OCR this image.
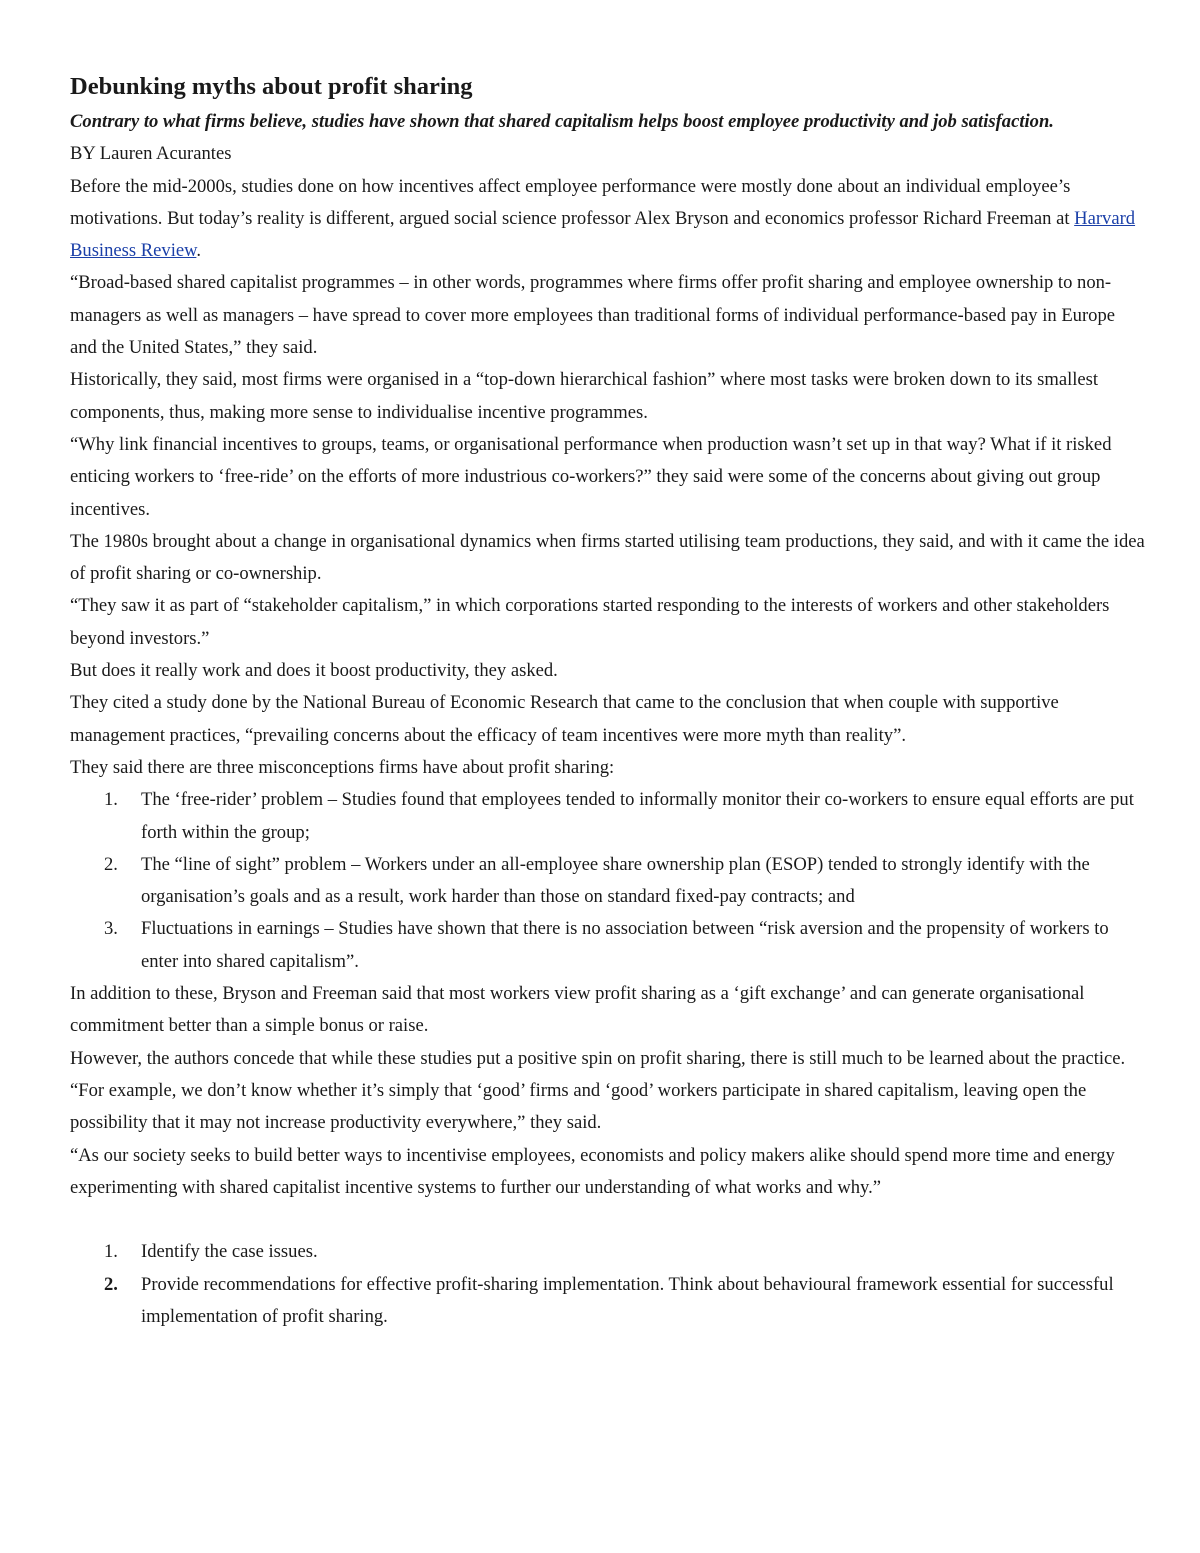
Debunking myths about profit sharing

Contrary to what firms believe, studies have shown that shared capitalism helps boost employee productivity and job satisfaction.

BY Lauren Acurantes

Before the mid-2000s, studies done on how incentives affect employee performance were mostly done about an individual employee’s motivations. But today’s reality is different, argued social science professor Alex Bryson and economics professor Richard Freeman at Harvard Business Review.

“Broad-based shared capitalist programmes – in other words, programmes where firms offer profit sharing and employee ownership to non-managers as well as managers – have spread to cover more employees than traditional forms of individual performance-based pay in Europe and the United States,” they said.

Historically, they said, most firms were organised in a “top-down hierarchical fashion” where most tasks were broken down to its smallest components, thus, making more sense to individualise incentive programmes.

“Why link financial incentives to groups, teams, or organisational performance when production wasn’t set up in that way? What if it risked enticing workers to ‘free-ride’ on the efforts of more industrious co-workers?” they said were some of the concerns about giving out group incentives.

The 1980s brought about a change in organisational dynamics when firms started utilising team productions, they said, and with it came the idea of profit sharing or co-ownership.

“They saw it as part of “stakeholder capitalism,” in which corporations started responding to the interests of workers and other stakeholders beyond investors.”

But does it really work and does it boost productivity, they asked.

They cited a study done by the National Bureau of Economic Research that came to the conclusion that when couple with supportive management practices, “prevailing concerns about the efficacy of team incentives were more myth than reality”.

They said there are three misconceptions firms have about profit sharing:

1. The ‘free-rider’ problem – Studies found that employees tended to informally monitor their co-workers to ensure equal efforts are put forth within the group;
2. The “line of sight” problem – Workers under an all-employee share ownership plan (ESOP) tended to strongly identify with the organisation’s goals and as a result, work harder than those on standard fixed-pay contracts; and
3. Fluctuations in earnings – Studies have shown that there is no association between “risk aversion and the propensity of workers to enter into shared capitalism”.

In addition to these, Bryson and Freeman said that most workers view profit sharing as a ‘gift exchange’ and can generate organisational commitment better than a simple bonus or raise.

However, the authors concede that while these studies put a positive spin on profit sharing, there is still much to be learned about the practice.

“For example, we don’t know whether it’s simply that ‘good’ firms and ‘good’ workers participate in shared capitalism, leaving open the possibility that it may not increase productivity everywhere,” they said.

“As our society seeks to build better ways to incentivise employees, economists and policy makers alike should spend more time and energy experimenting with shared capitalist incentive systems to further our understanding of what works and why.”

1. Identify the case issues.
2. Provide recommendations for effective profit-sharing implementation. Think about behavioural framework essential for successful implementation of profit sharing.
